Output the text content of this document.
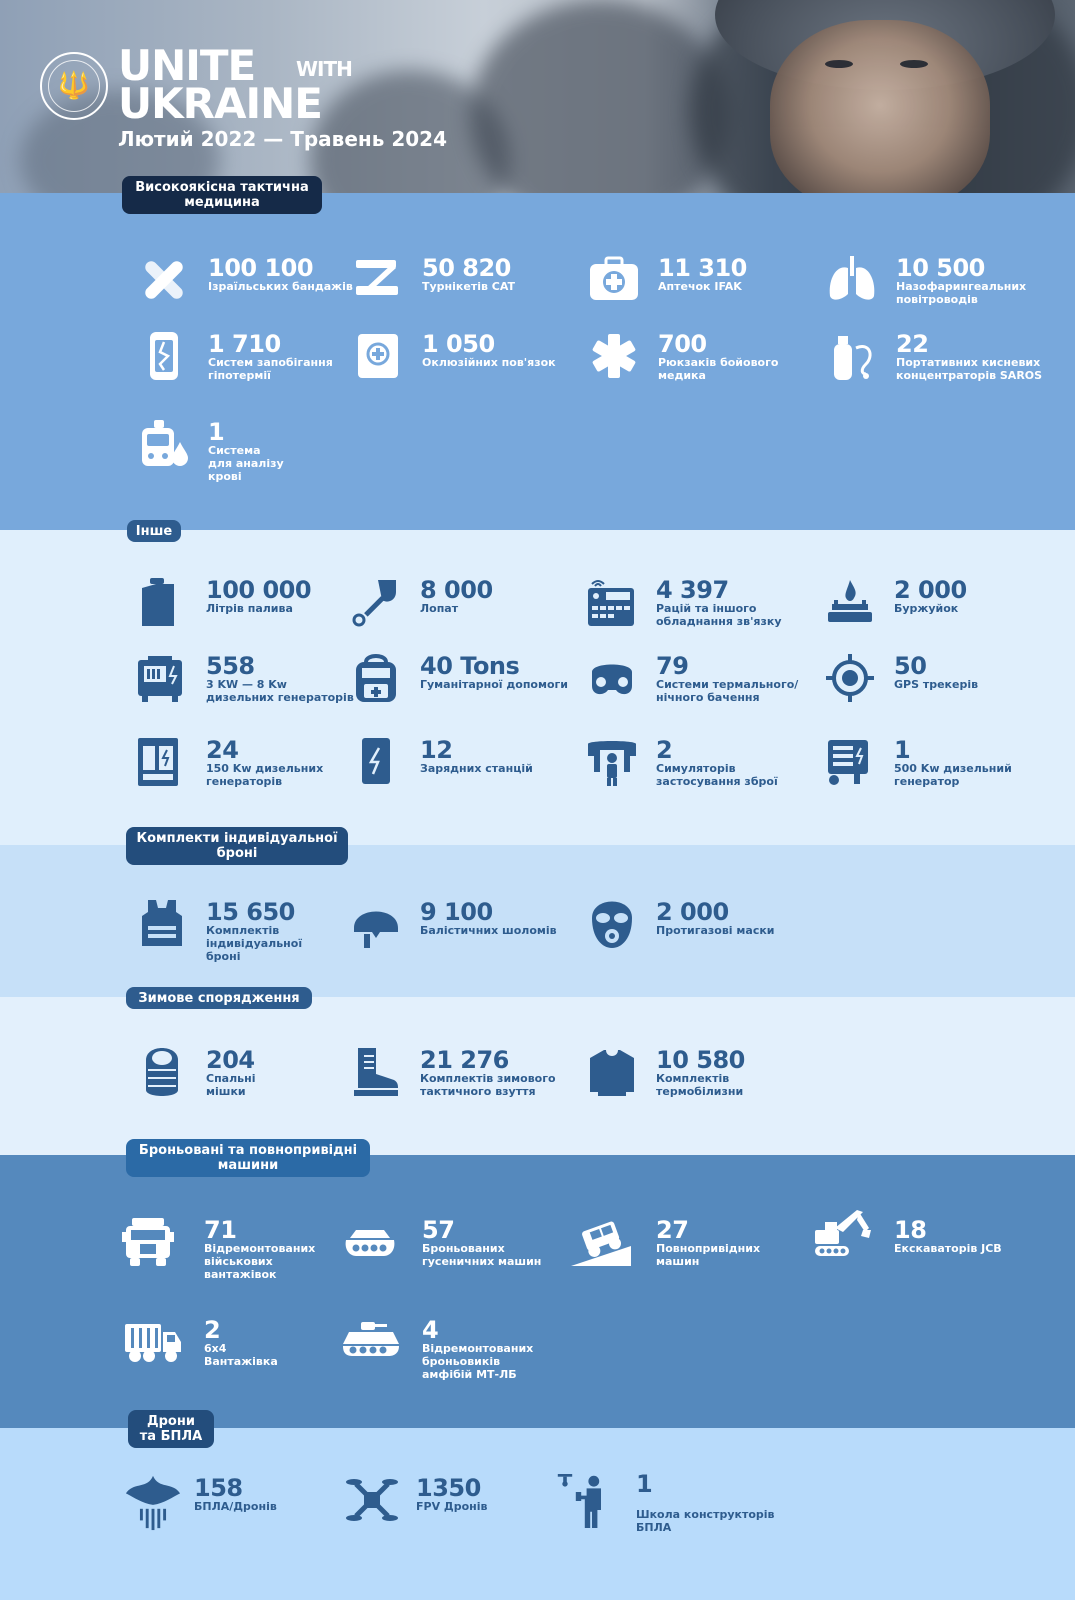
🔱 UNITE WITH
UKRAINE
Лютий 2022 — Травень 2024
Високоякісна тактична медицина
Інше
Комплекти індивідуальної броні
Зимове спорядження
Броньовані та повнопривідні машини
Дрони та БПЛА
100 100
Ізраїльських бандажів
50 820
Турнікетів CAT
11 310
Аптечок IFAK
10 500
Назофарингеальних повітроводів
1 710
Систем запобігання гіпотермії
1 050
Оклюзійних пов'язок
700
Рюкзаків бойового медика
22
Портативних кисневих концентраторів SAROS
1
Система для аналізу крові
100 000
Літрів палива
8 000
Лопат
4 397
Рацій та іншого обладнання зв'язку
2 000
Буржуйок
558
3 KW — 8 Kw дизельних генераторів
40 Tons
Гуманітарної допомоги
79
Системи термального/нічного бачення
50
GPS трекерів
24
150 Kw дизельних генераторів
12
Зарядних станцій
2
Симуляторів застосування зброї
1
500 Kw дизельний генератор
15 650
Комплектів індивідуальної броні
9 100
Балістичних шоломів
2 000
Протигазові маски
204
Спальні мішки
21 276
Комплектів зимового тактичного взуття
10 580
Комплектів термобілизни
71
Відремонтованих військових вантажівок
57
Броньованих гусеничних машин
27
Повнопривідних машин
18
Екскаваторів JCB
2
6x4 Вантажівка
4
Відремонтованих броньовиків амфібій МТ-ЛБ
158
БПЛА/Дронів
1350
FPV Дронів
1
Школа конструкторів БПЛА
